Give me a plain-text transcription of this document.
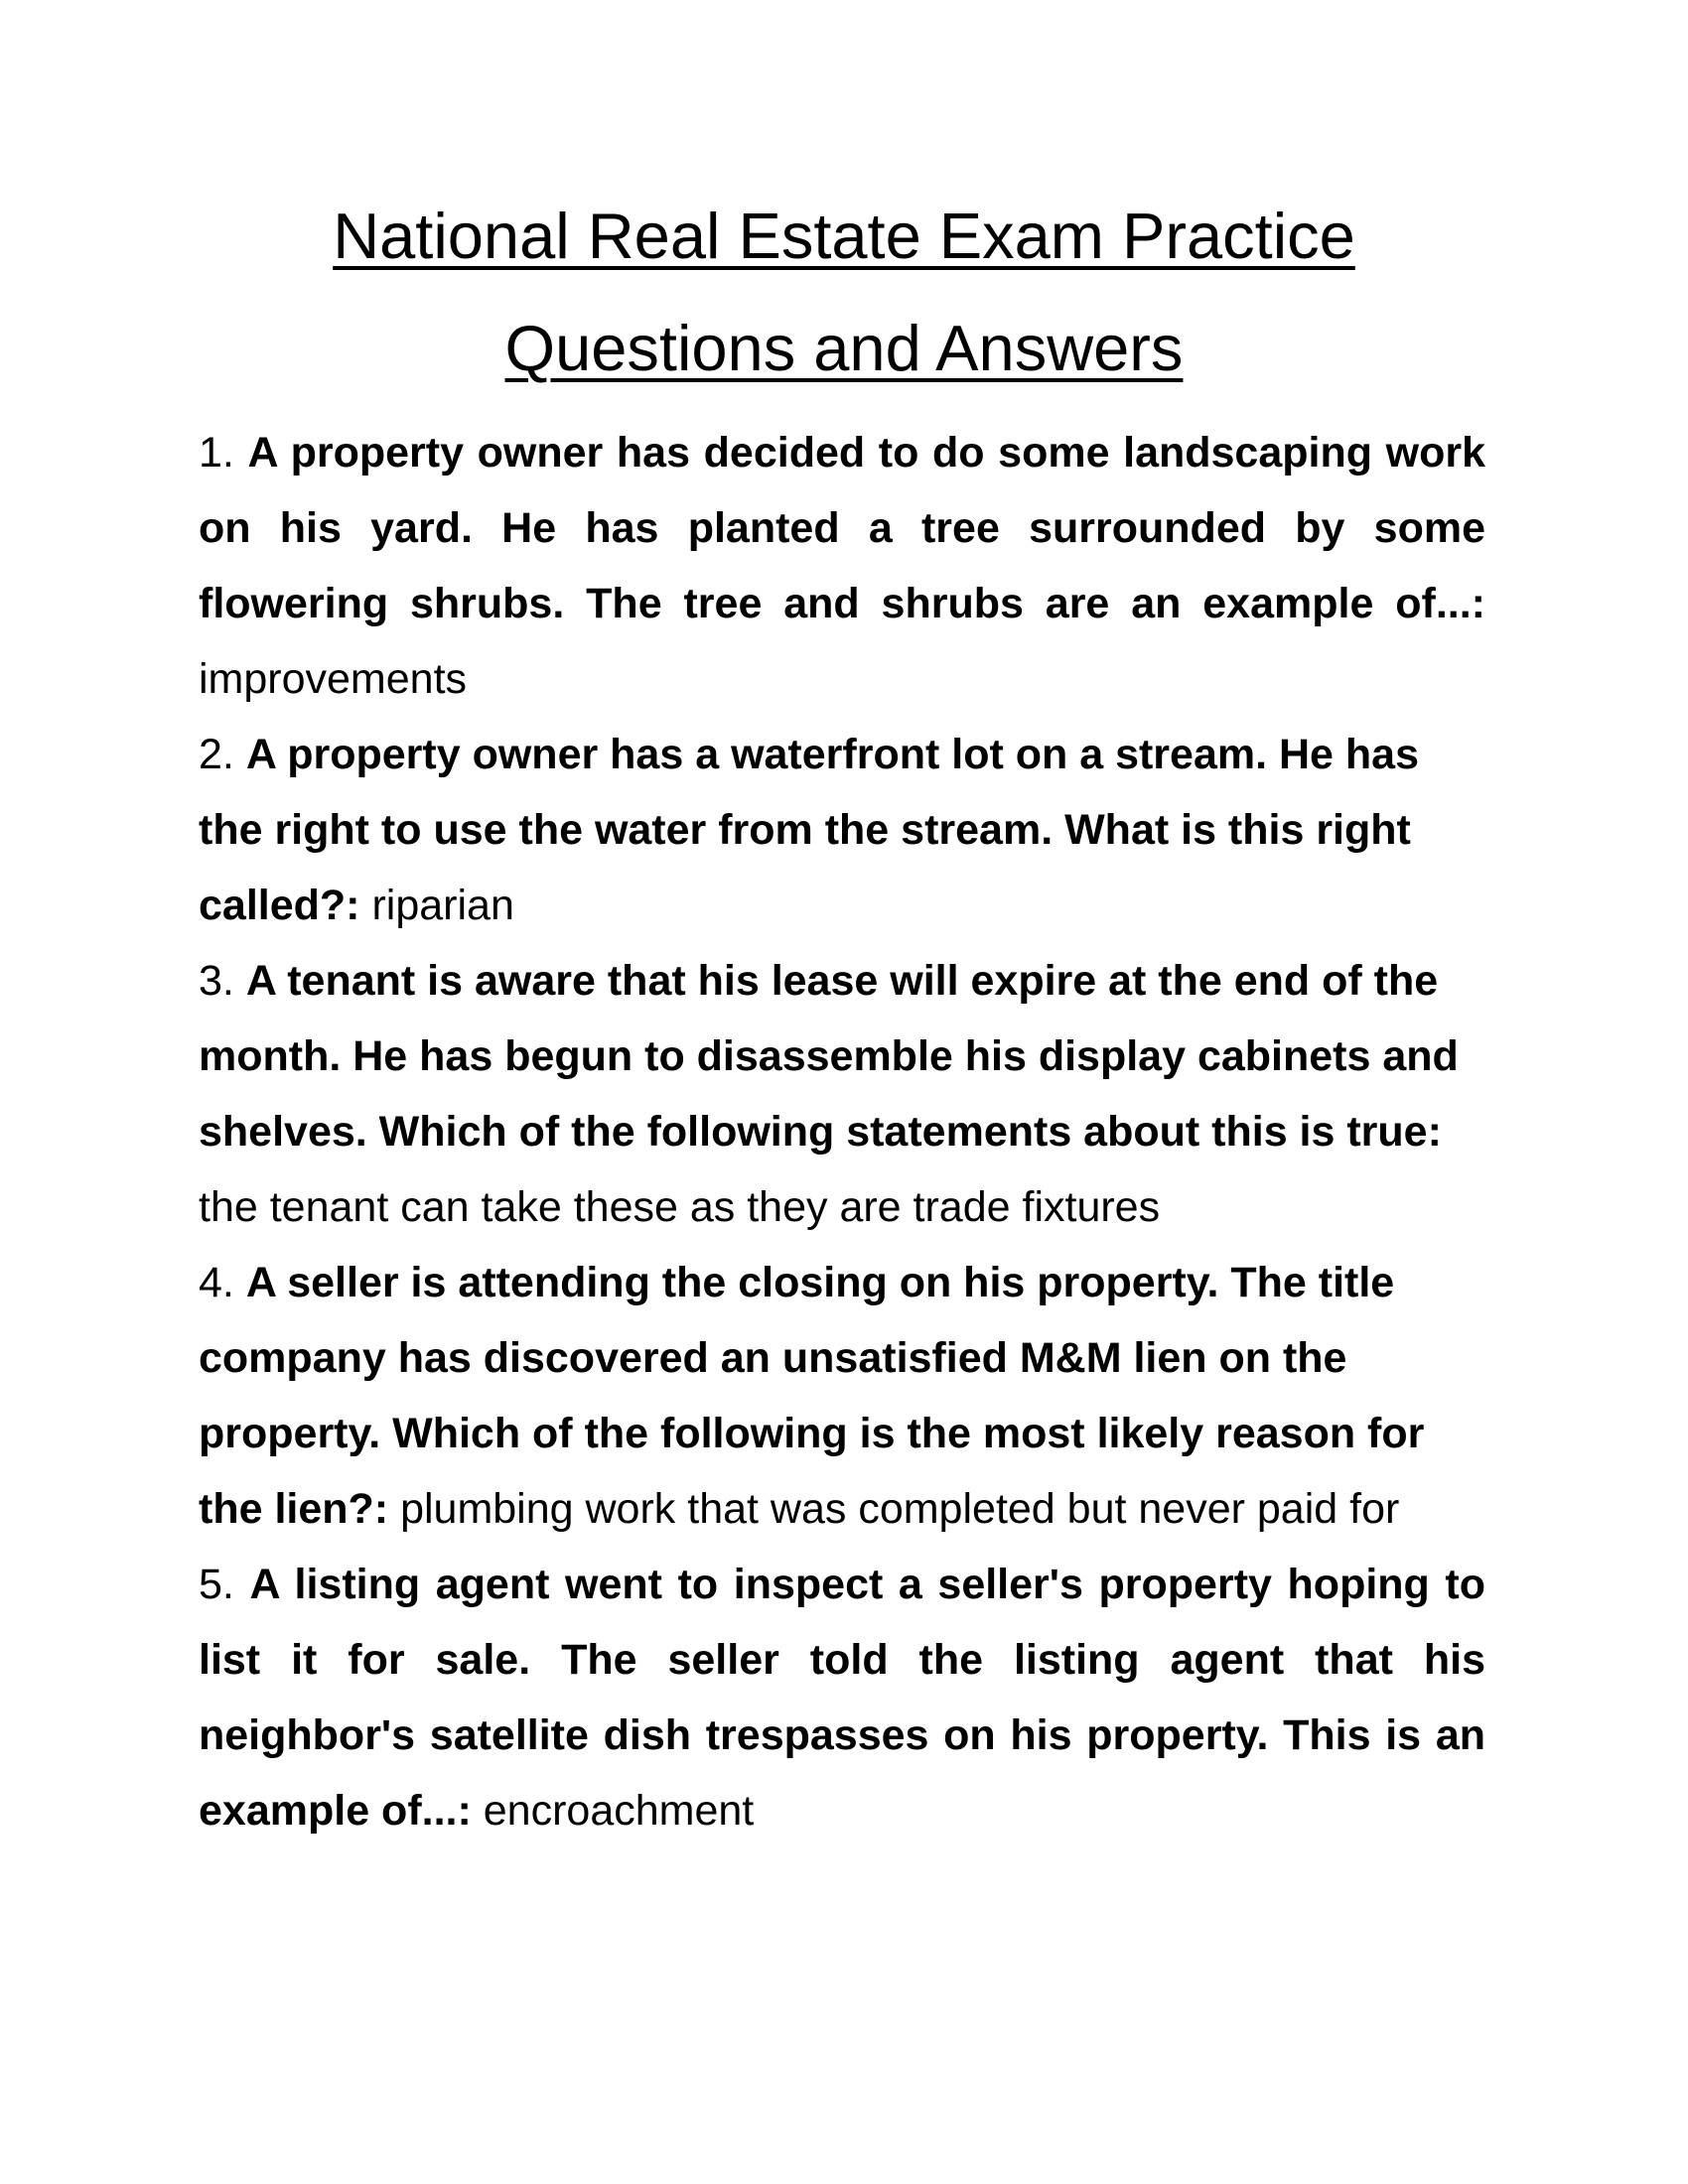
National Real Estate Exam Practice
Questions and Answers
1. A property owner has decided to do some landscaping work on his yard. He has planted a tree surrounded by some flowering shrubs. The tree and shrubs are an example of...: improvements
2. A property owner has a waterfront lot on a stream. He has the right to use the water from the stream. What is this right called?: riparian
3. A tenant is aware that his lease will expire at the end of the month. He has begun to disassemble his display cabinets and shelves. Which of the following statements about this is true: the tenant can take these as they are trade fixtures
4. A seller is attending the closing on his property. The title company has discovered an unsatisfied M&M lien on the property. Which of the following is the most likely reason for the lien?: plumbing work that was completed but never paid for
5. A listing agent went to inspect a seller's property hoping to list it for sale. The seller told the listing agent that his neighbor's satellite dish trespasses on his property. This is an example of...: encroachment
